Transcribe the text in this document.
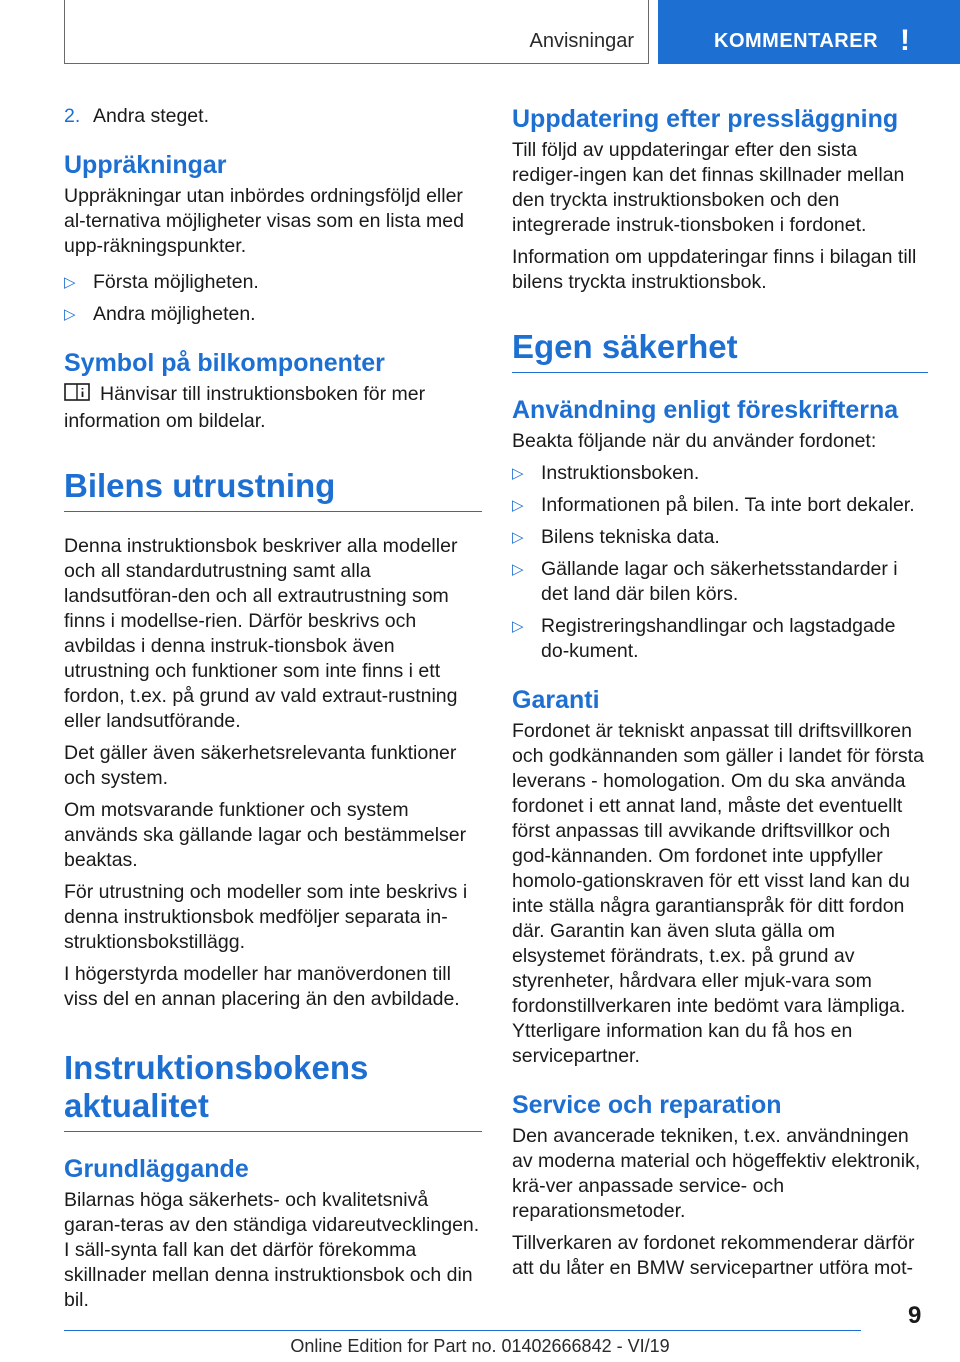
Anvisningar	KOMMENTARER !
2. Andra steget.
Uppräkningar

Uppräkningar utan inbördes ordningsföljd eller al-ternativa möjligheter visas som en lista med upp-räkningspunkter.

▷ Första möjligheten.
▷ Andra möjligheten.
Symbol på bilkomponenter

Hänvisar till instruktionsboken för mer information om bildelar.

Bilens utrustning

Denna instruktionsbok beskriver alla modeller och all standardutrustning samt alla landsutföran-den och all extrautrustning som finns i modellse-rien. Därför beskrivs och avbildas i denna instruk-tionsbok även utrustning och funktioner som inte finns i ett fordon, t.ex. på grund av vald extraut-rustning eller landsutförande.

Det gäller även säkerhetsrelevanta funktioner och system.

Om motsvarande funktioner och system används ska gällande lagar och bestämmelser beaktas.

För utrustning och modeller som inte beskrivs i denna instruktionsbok medföljer separata in-struktionsbokstillägg.

I högerstyrda modeller har manöverdonen till viss del en annan placering än den avbildade.

Instruktionsbokens aktualitet
Grundläggande

Bilarnas höga säkerhets- och kvalitetsnivå garan-teras av den ständiga vidareutvecklingen. I säll-synta fall kan det därför förekomma skillnader mellan denna instruktionsbok och din bil.

Uppdatering efter pressläggning

Till följd av uppdateringar efter den sista rediger-ingen kan det finnas skillnader mellan den tryckta instruktionsboken och den integrerade instruk-tionsboken i fordonet.

Information om uppdateringar finns i bilagan till bilens tryckta instruktionsbok.

Egen säkerhet
Användning enligt föreskrifterna

Beakta följande när du använder fordonet:

▷ Instruktionsboken.
▷ Informationen på bilen. Ta inte bort dekaler.
▷ Bilens tekniska data.
▷ Gällande lagar och säkerhetsstandarder i det land där bilen körs.
▷ Registreringshandlingar och lagstadgade do-kument.
Garanti

Fordonet är tekniskt anpassat till driftsvillkoren och godkännanden som gäller i landet för första leverans - homologation. Om du ska använda fordonet i ett annat land, måste det eventuellt först anpassas till avvikande driftsvillkor och god-kännanden. Om fordonet inte uppfyller homolo-gationskraven för ett visst land kan du inte ställa några garantianspråk för ditt fordon där. Garantin kan även sluta gälla om elsystemet förändrats, t.ex. på grund av styrenheter, hårdvara eller mjuk-vara som fordonstillverkaren inte bedömt vara lämpliga. Ytterligare information kan du få hos en servicepartner.

Service och reparation

Den avancerade tekniken, t.ex. användningen av moderna material och högeffektiv elektronik, krä-ver anpassade service- och reparationsmetoder.

Tillverkaren av fordonet rekommenderar därför att du låter en BMW servicepartner utföra mot-

9
Online Edition for Part no. 01402666842 - VI/19
